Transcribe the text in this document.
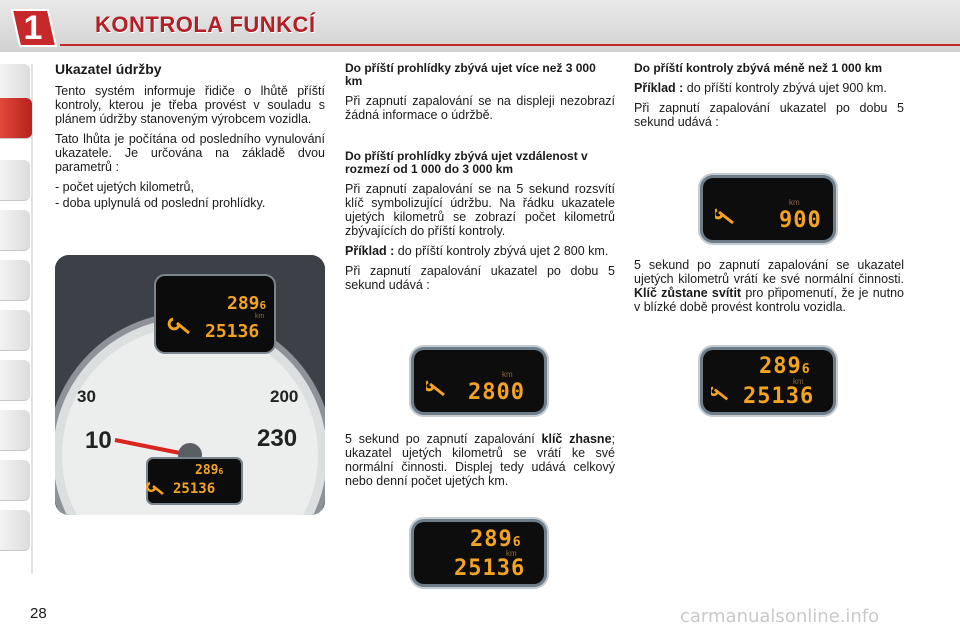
1	KONTROLA FUNKCÍ
Ukazatel údržby

Tento systém informuje řidiče o lhůtě příští kontroly, kterou je třeba provést v souladu s plánem údržby stanoveným výrobcem vozidla.

Tato lhůta je počítána od posledního vynulování ukazatele. Je určována na základě dvou parametrů :

- počet ujetých kilometrů,
- doba uplynulá od poslední prohlídky.
30
10
200
230
2896
km
25136
2896
25136
Do příští prohlídky zbývá ujet více než 3 000 km

Při zapnutí zapalování se na displeji nezobrazí žádná informace o údržbě.

Do příští prohlídky zbývá ujet vzdálenost v rozmezí od 1 000 do 3 000 km

Při zapnutí zapalování se na 5 sekund rozsvítí klíč symbolizující údržbu. Na řádku ukazatele ujetých kilometrů se zobrazí počet kilometrů zbývajících do příští kontroly.

Příklad : do příští kontroly zbývá ujet 2 800 km.

Při zapnutí zapalování ukazatel po dobu 5 sekund udává :

5 sekund po zapnutí zapalování klíč zhasne; ukazatel ujetých kilometrů se vrátí ke své normální činnosti. Displej tedy udává celkový nebo denní počet ujetých km.

km
2800
2896
km
25136
Do příští kontroly zbývá méně než 1 000 km

Příklad : do příští kontroly zbývá ujet 900 km.

Při zapnutí zapalování ukazatel po dobu 5 sekund udává :

5 sekund po zapnutí zapalování se ukazatel ujetých kilometrů vrátí ke své normální činnosti. Klíč zůstane svítit pro připomenutí, že je nutno v blízké době provést kontrolu vozidla.

km
900
2896
km
25136
28	carmanualsonline.info
